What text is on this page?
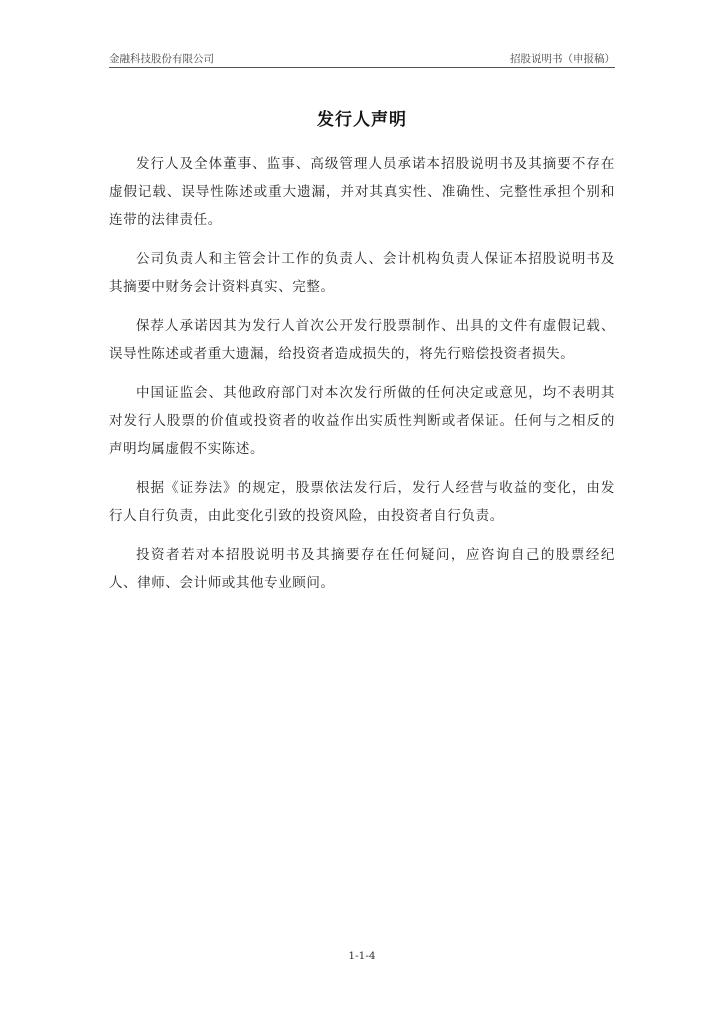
金融科技股份有限公司	招股说明书（申报稿）
发行人声明

发行人及全体董事、监事、高级管理人员承诺本招股说明书及其摘要不存在虚假记载、误导性陈述或重大遗漏，并对其真实性、准确性、完整性承担个别和连带的法律责任。

公司负责人和主管会计工作的负责人、会计机构负责人保证本招股说明书及其摘要中财务会计资料真实、完整。

保荐人承诺因其为发行人首次公开发行股票制作、出具的文件有虚假记载、误导性陈述或者重大遗漏，给投资者造成损失的，将先行赔偿投资者损失。

中国证监会、其他政府部门对本次发行所做的任何决定或意见，均不表明其对发行人股票的价值或投资者的收益作出实质性判断或者保证。任何与之相反的声明均属虚假不实陈述。

根据《证券法》的规定，股票依法发行后，发行人经营与收益的变化，由发行人自行负责，由此变化引致的投资风险，由投资者自行负责。

投资者若对本招股说明书及其摘要存在任何疑问，应咨询自己的股票经纪人、律师、会计师或其他专业顾问。

1-1-4
